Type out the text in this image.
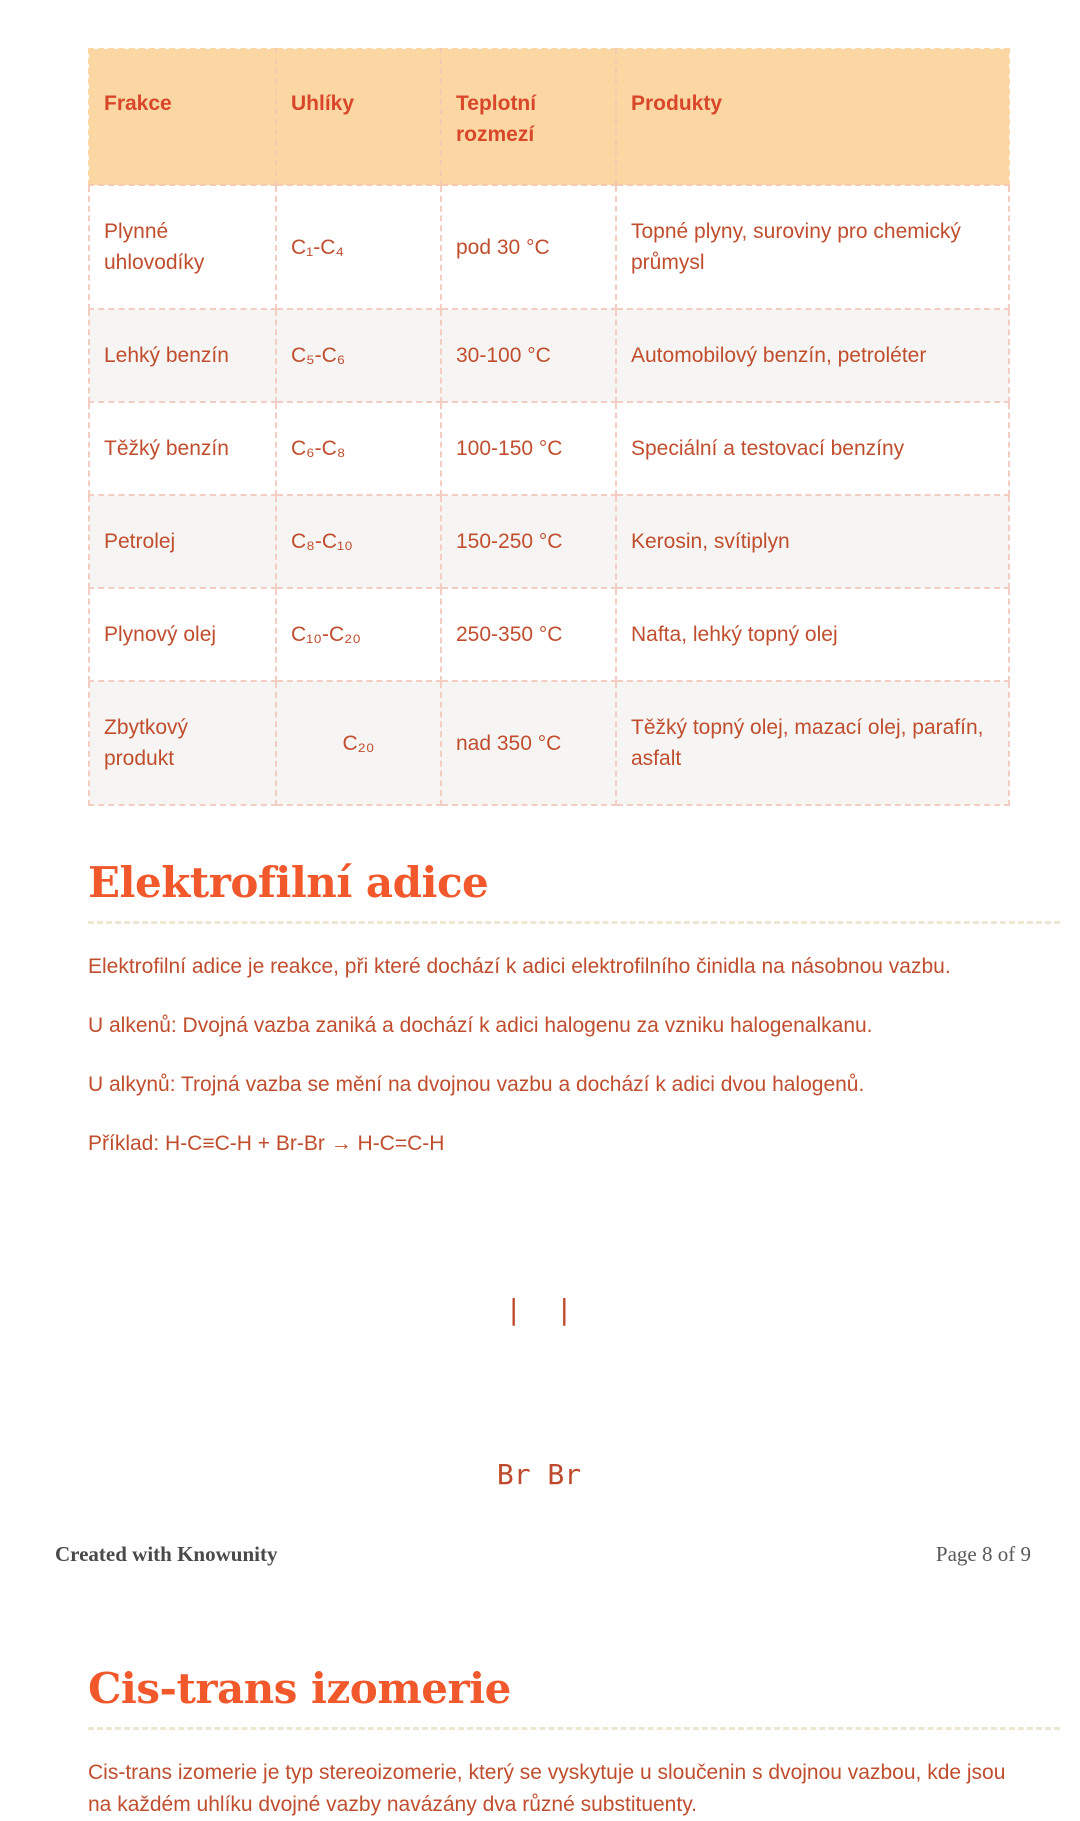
Frakce	Uhlíky	Teplotní rozmezí	Produkty
Plynné uhlovodíky	C₁-C₄	pod 30 °C	Topné plyny, suroviny pro chemický průmysl
Lehký benzín	C₅-C₆	30-100 °C	Automobilový benzín, petroléter
Těžký benzín	C₆-C₈	100-150 °C	Speciální a testovací benzíny
Petrolej	C₈-C₁₀	150-250 °C	Kerosin, svítiplyn
Plynový olej	C₁₀-C₂₀	250-350 °C	Nafta, lehký topný olej
Zbytkový produkt	C₂₀	nad 350 °C	Těžký topný olej, mazací olej, parafín, asfalt
Elektrofilní adice

Elektrofilní adice je reakce, při které dochází k adici elektrofilního činidla na násobnou vazbu.

U alkenů: Dvojná vazba zaniká a dochází k adici halogenu za vzniku halogenalkanu.

U alkynů: Trojná vazba se mění na dvojnou vazbu a dochází k adici dvou halogenů.

Příklad: H-C≡C-H + Br-Br → H-C=C-H

|  |

Br Br

Cis-trans izomerie

Cis-trans izomerie je typ stereoizomerie, který se vyskytuje u sloučenin s dvojnou vazbou, kde jsou na každém uhlíku dvojné vazby navázány dva různé substituenty.

Created with Knowunity	Page 8 of 9
